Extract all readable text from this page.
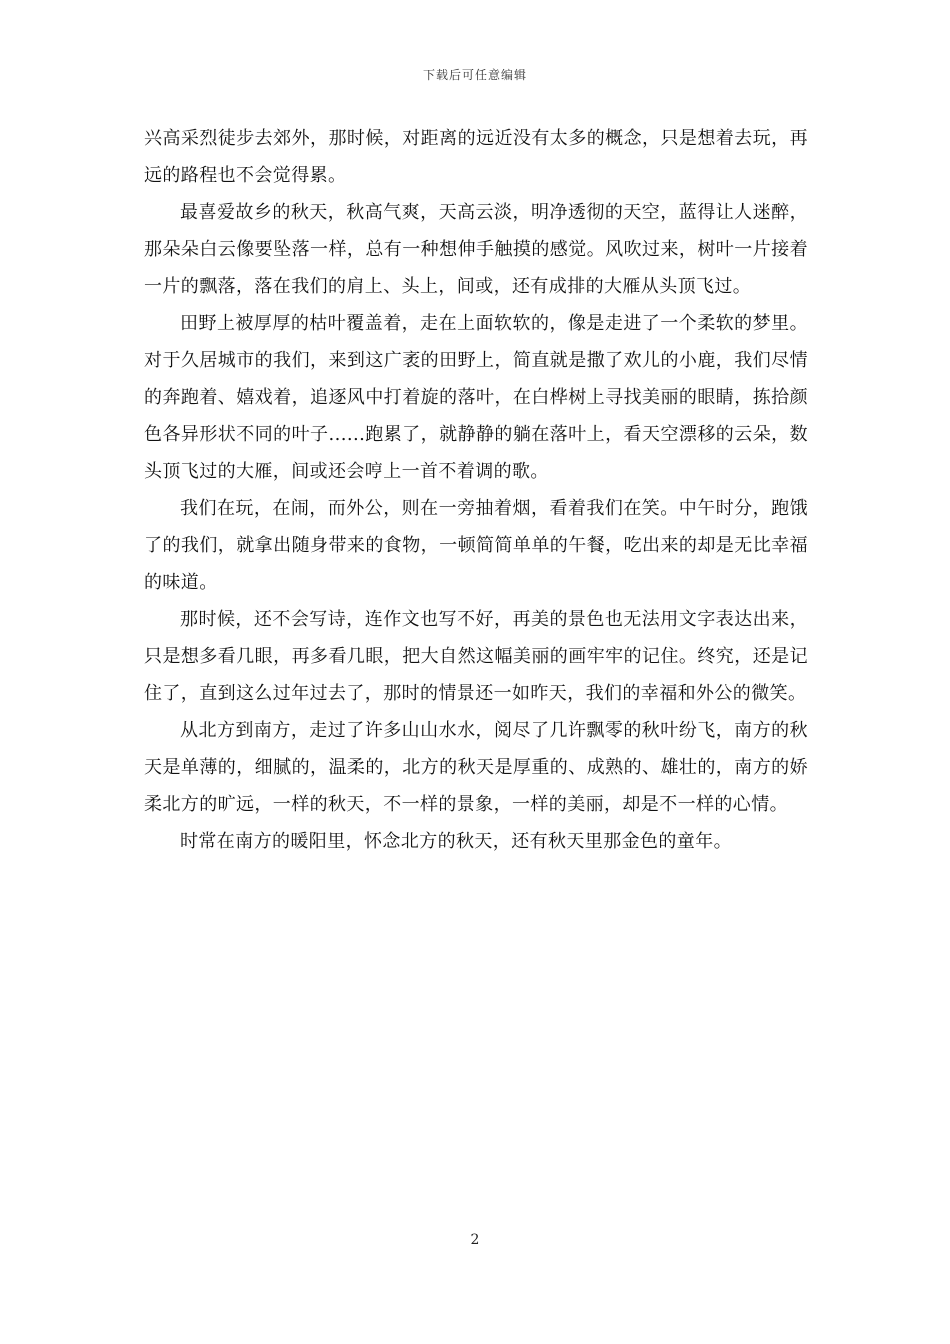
下载后可任意编辑

兴高采烈徒步去郊外，那时候，对距离的远近没有太多的概念，只是想着去玩，再远的路程也不会觉得累。

最喜爱故乡的秋天，秋高气爽，天高云淡，明净透彻的天空，蓝得让人迷醉，那朵朵白云像要坠落一样，总有一种想伸手触摸的感觉。风吹过来，树叶一片接着一片的飘落，落在我们的肩上、头上，间或，还有成排的大雁从头顶飞过。

田野上被厚厚的枯叶覆盖着，走在上面软软的，像是走进了一个柔软的梦里。对于久居城市的我们，来到这广袤的田野上，简直就是撒了欢儿的小鹿，我们尽情的奔跑着、嬉戏着，追逐风中打着旋的落叶，在白桦树上寻找美丽的眼睛，拣拾颜色各异形状不同的叶子......跑累了，就静静的躺在落叶上，看天空漂移的云朵，数头顶飞过的大雁，间或还会哼上一首不着调的歌。

我们在玩，在闹，而外公，则在一旁抽着烟，看着我们在笑。中午时分，跑饿了的我们，就拿出随身带来的食物，一顿简简单单的午餐，吃出来的却是无比幸福的味道。

那时候，还不会写诗，连作文也写不好，再美的景色也无法用文字表达出来，只是想多看几眼，再多看几眼，把大自然这幅美丽的画牢牢的记住。终究，还是记住了，直到这么过年过去了，那时的情景还一如昨天，我们的幸福和外公的微笑。

从北方到南方，走过了许多山山水水，阅尽了几许飘零的秋叶纷飞，南方的秋天是单薄的，细腻的，温柔的，北方的秋天是厚重的、成熟的、雄壮的，南方的娇柔北方的旷远，一样的秋天，不一样的景象，一样的美丽，却是不一样的心情。

时常在南方的暖阳里，怀念北方的秋天，还有秋天里那金色的童年。

2
